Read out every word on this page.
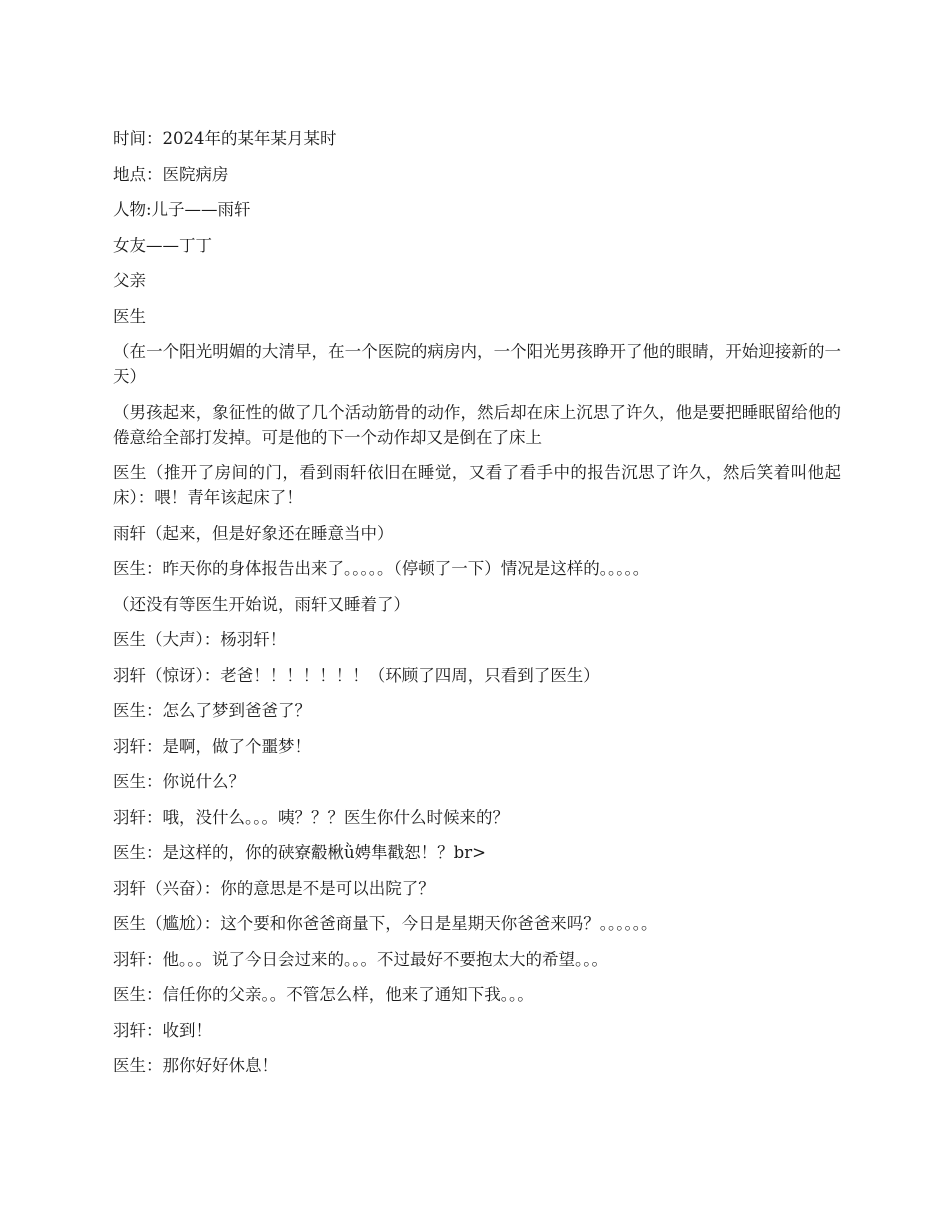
时间：2024年的某年某月某时

地点：医院病房

人物:儿子——雨轩

女友——丁丁

父亲

医生

（在一个阳光明媚的大清早，在一个医院的病房内，一个阳光男孩睁开了他的眼睛，开始迎接新的一天）

（男孩起来，象征性的做了几个活动筋骨的动作，然后却在床上沉思了许久，他是要把睡眠留给他的倦意给全部打发掉。可是他的下一个动作却又是倒在了床上

医生（推开了房间的门，看到雨轩依旧在睡觉，又看了看手中的报告沉思了许久，然后笑着叫他起床）：喂！青年该起床了！

雨轩（起来，但是好象还在睡意当中）

医生：昨天你的身体报告出来了。。。。。（停顿了一下）情况是这样的。。。。。

（还没有等医生开始说，雨轩又睡着了）

医生（大声）：杨羽轩！

羽轩（惊讶）：老爸！！！！！！！（环顾了四周，只看到了医生）

医生：怎么了梦到爸爸了？

羽轩：是啊，做了个噩梦！

医生：你说什么？

羽轩：哦，没什么。。。咦？？？医生你什么时候来的？

医生：是这样的，你的硖寮觳楸ǜ娉隼戳恕！？br>

羽轩（兴奋）：你的意思是不是可以出院了？

医生（尴尬）：这个要和你爸爸商量下，今日是星期天你爸爸来吗？。。。。。。

羽轩：他。。。说了今日会过来的。。。不过最好不要抱太大的希望。。。

医生：信任你的父亲。。不管怎么样，他来了通知下我。。。

羽轩：收到！

医生：那你好好休息！
